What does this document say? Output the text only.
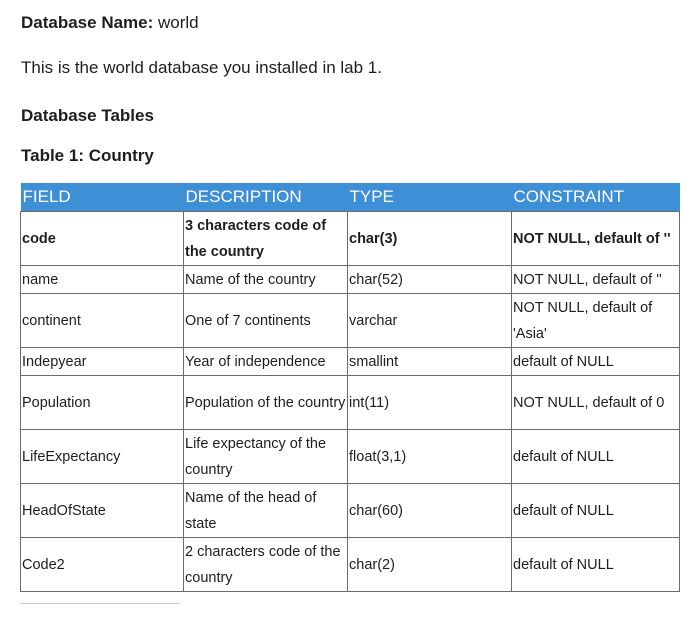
Database Name: world
This is the world database you installed in lab 1.
Database Tables
Table 1: Country
FIELD	DESCRIPTION	TYPE	CONSTRAINT
code	3 characters code of the country	char(3)	NOT NULL, default of ''
name	Name of the country	char(52)	NOT NULL, default of ''
continent	One of 7 continents	varchar	NOT NULL, default of 'Asia'
Indepyear	Year of independence	smallint	default of NULL
Population	Population of the country	int(11)	NOT NULL, default of 0
LifeExpectancy	Life expectancy of the country	float(3,1)	default of NULL
HeadOfState	Name of the head of state	char(60)	default of NULL
Code2	2 characters code of the country	char(2)	default of NULL
